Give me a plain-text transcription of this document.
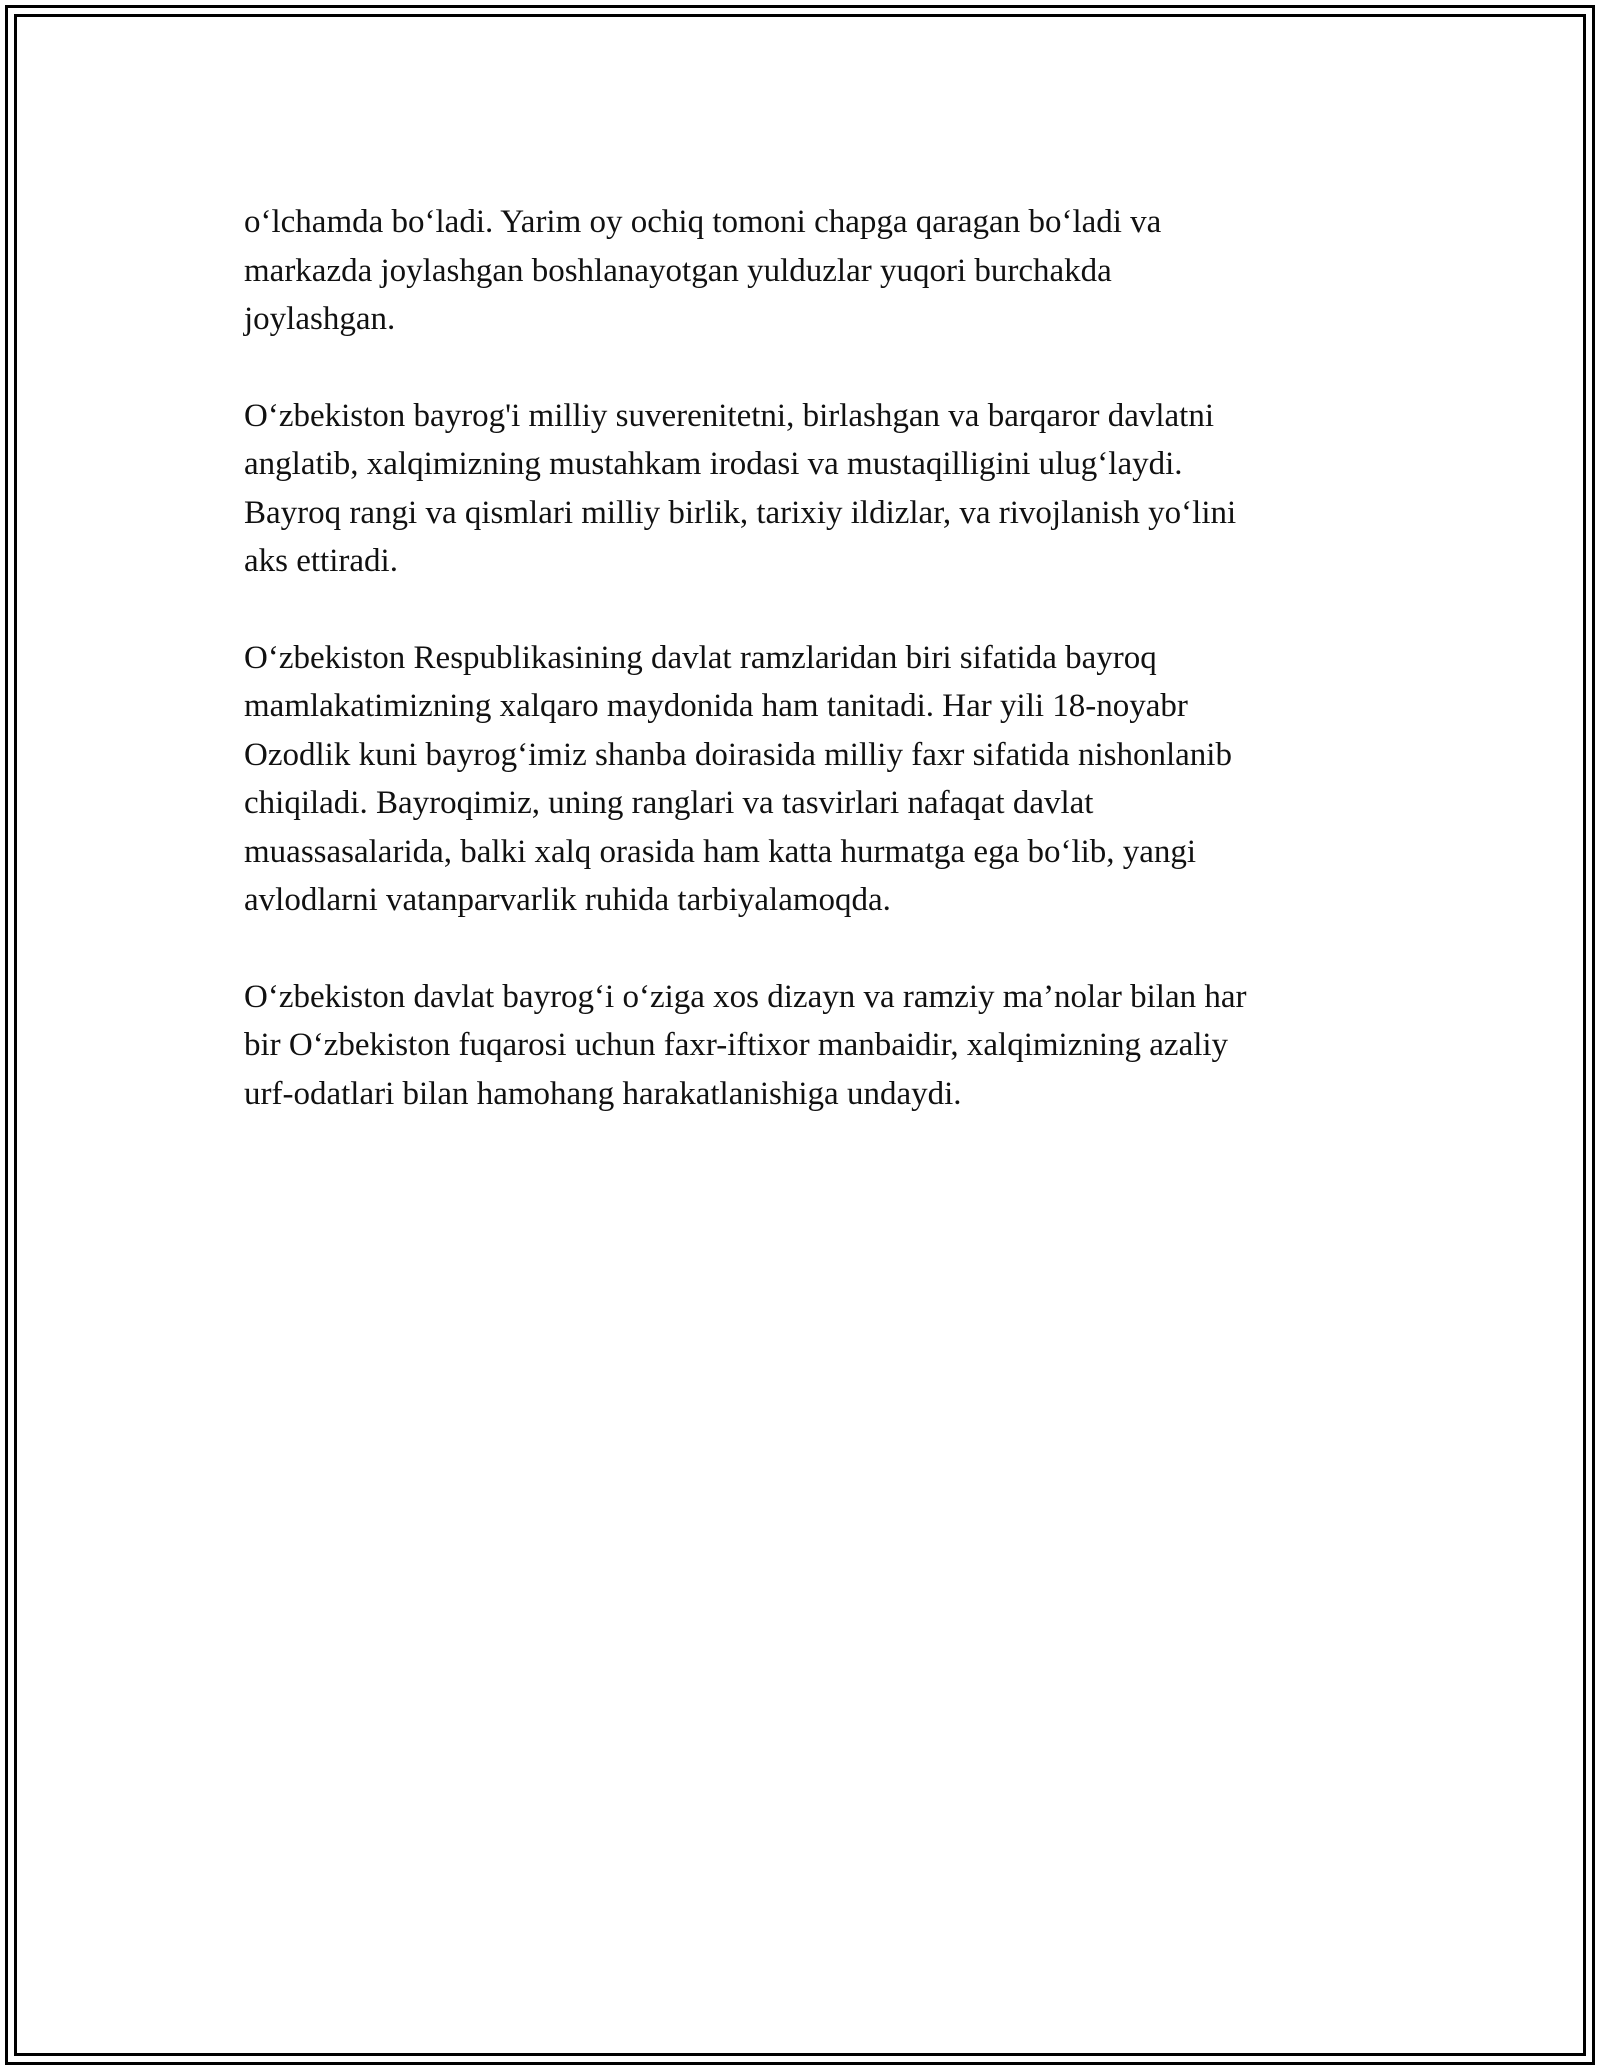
o‘lchamda bo‘ladi. Yarim oy ochiq tomoni chapga qaragan bo‘ladi va
markazda joylashgan boshlanayotgan yulduzlar yuqori burchakda
joylashgan.

O‘zbekiston bayrog'i milliy suverenitetni, birlashgan va barqaror davlatni
anglatib, xalqimizning mustahkam irodasi va mustaqilligini ulug‘laydi.
Bayroq rangi va qismlari milliy birlik, tarixiy ildizlar, va rivojlanish yo‘lini
aks ettiradi.

O‘zbekiston Respublikasining davlat ramzlaridan biri sifatida bayroq
mamlakatimizning xalqaro maydonida ham tanitadi. Har yili 18-noyabr
Ozodlik kuni bayrog‘imiz shanba doirasida milliy faxr sifatida nishonlanib
chiqiladi. Bayroqimiz, uning ranglari va tasvirlari nafaqat davlat
muassasalarida, balki xalq orasida ham katta hurmatga ega bo‘lib, yangi
avlodlarni vatanparvarlik ruhida tarbiyalamoqda.

O‘zbekiston davlat bayrog‘i o‘ziga xos dizayn va ramziy ma’nolar bilan har
bir O‘zbekiston fuqarosi uchun faxr-iftixor manbaidir, xalqimizning azaliy
urf-odatlari bilan hamohang harakatlanishiga undaydi.
